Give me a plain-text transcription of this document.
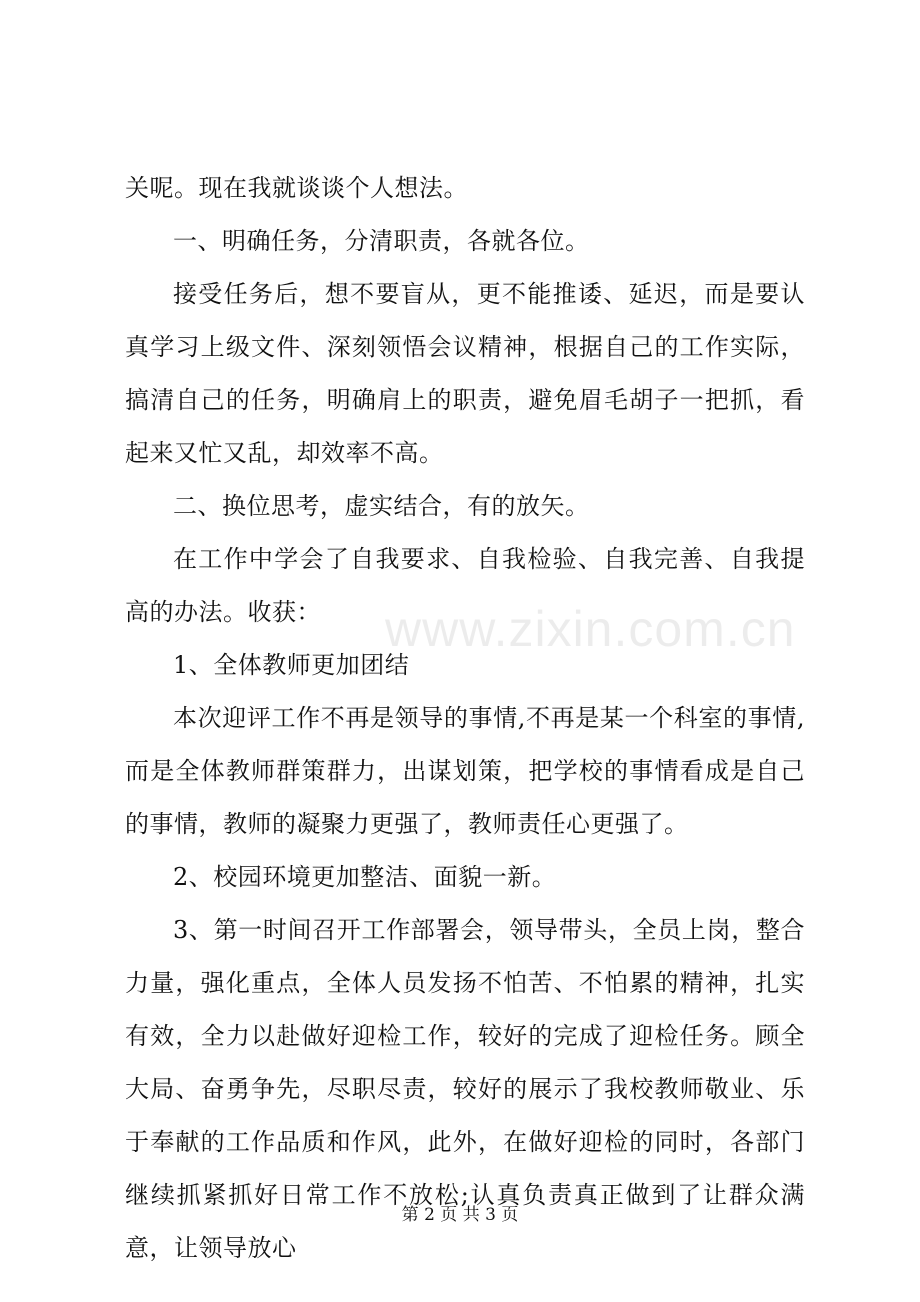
关呢。现在我就谈谈个人想法。

一、明确任务，分清职责，各就各位。

接受任务后，想不要盲从，更不能推诿、延迟，而是要认真学习上级文件、深刻领悟会议精神，根据自己的工作实际，搞清自己的任务，明确肩上的职责，避免眉毛胡子一把抓，看起来又忙又乱，却效率不高。

二、换位思考，虚实结合，有的放矢。

在工作中学会了自我要求、自我检验、自我完善、自我提高的办法。收获：

1、全体教师更加团结

本次迎评工作不再是领导的事情,不再是某一个科室的事情,而是全体教师群策群力，出谋划策，把学校的事情看成是自己的事情，教师的凝聚力更强了，教师责任心更强了。

2、校园环境更加整洁、面貌一新。

3、第一时间召开工作部署会，领导带头，全员上岗，整合力量，强化重点，全体人员发扬不怕苦、不怕累的精神，扎实有效，全力以赴做好迎检工作，较好的完成了迎检任务。顾全大局、奋勇争先，尽职尽责，较好的展示了我校教师敬业、乐于奉献的工作品质和作风，此外，在做好迎检的同时，各部门继续抓紧抓好日常工作不放松;认真负责真正做到了让群众满意，让领导放心

www.zixin.com.cn
第 2 页 共 3 页
